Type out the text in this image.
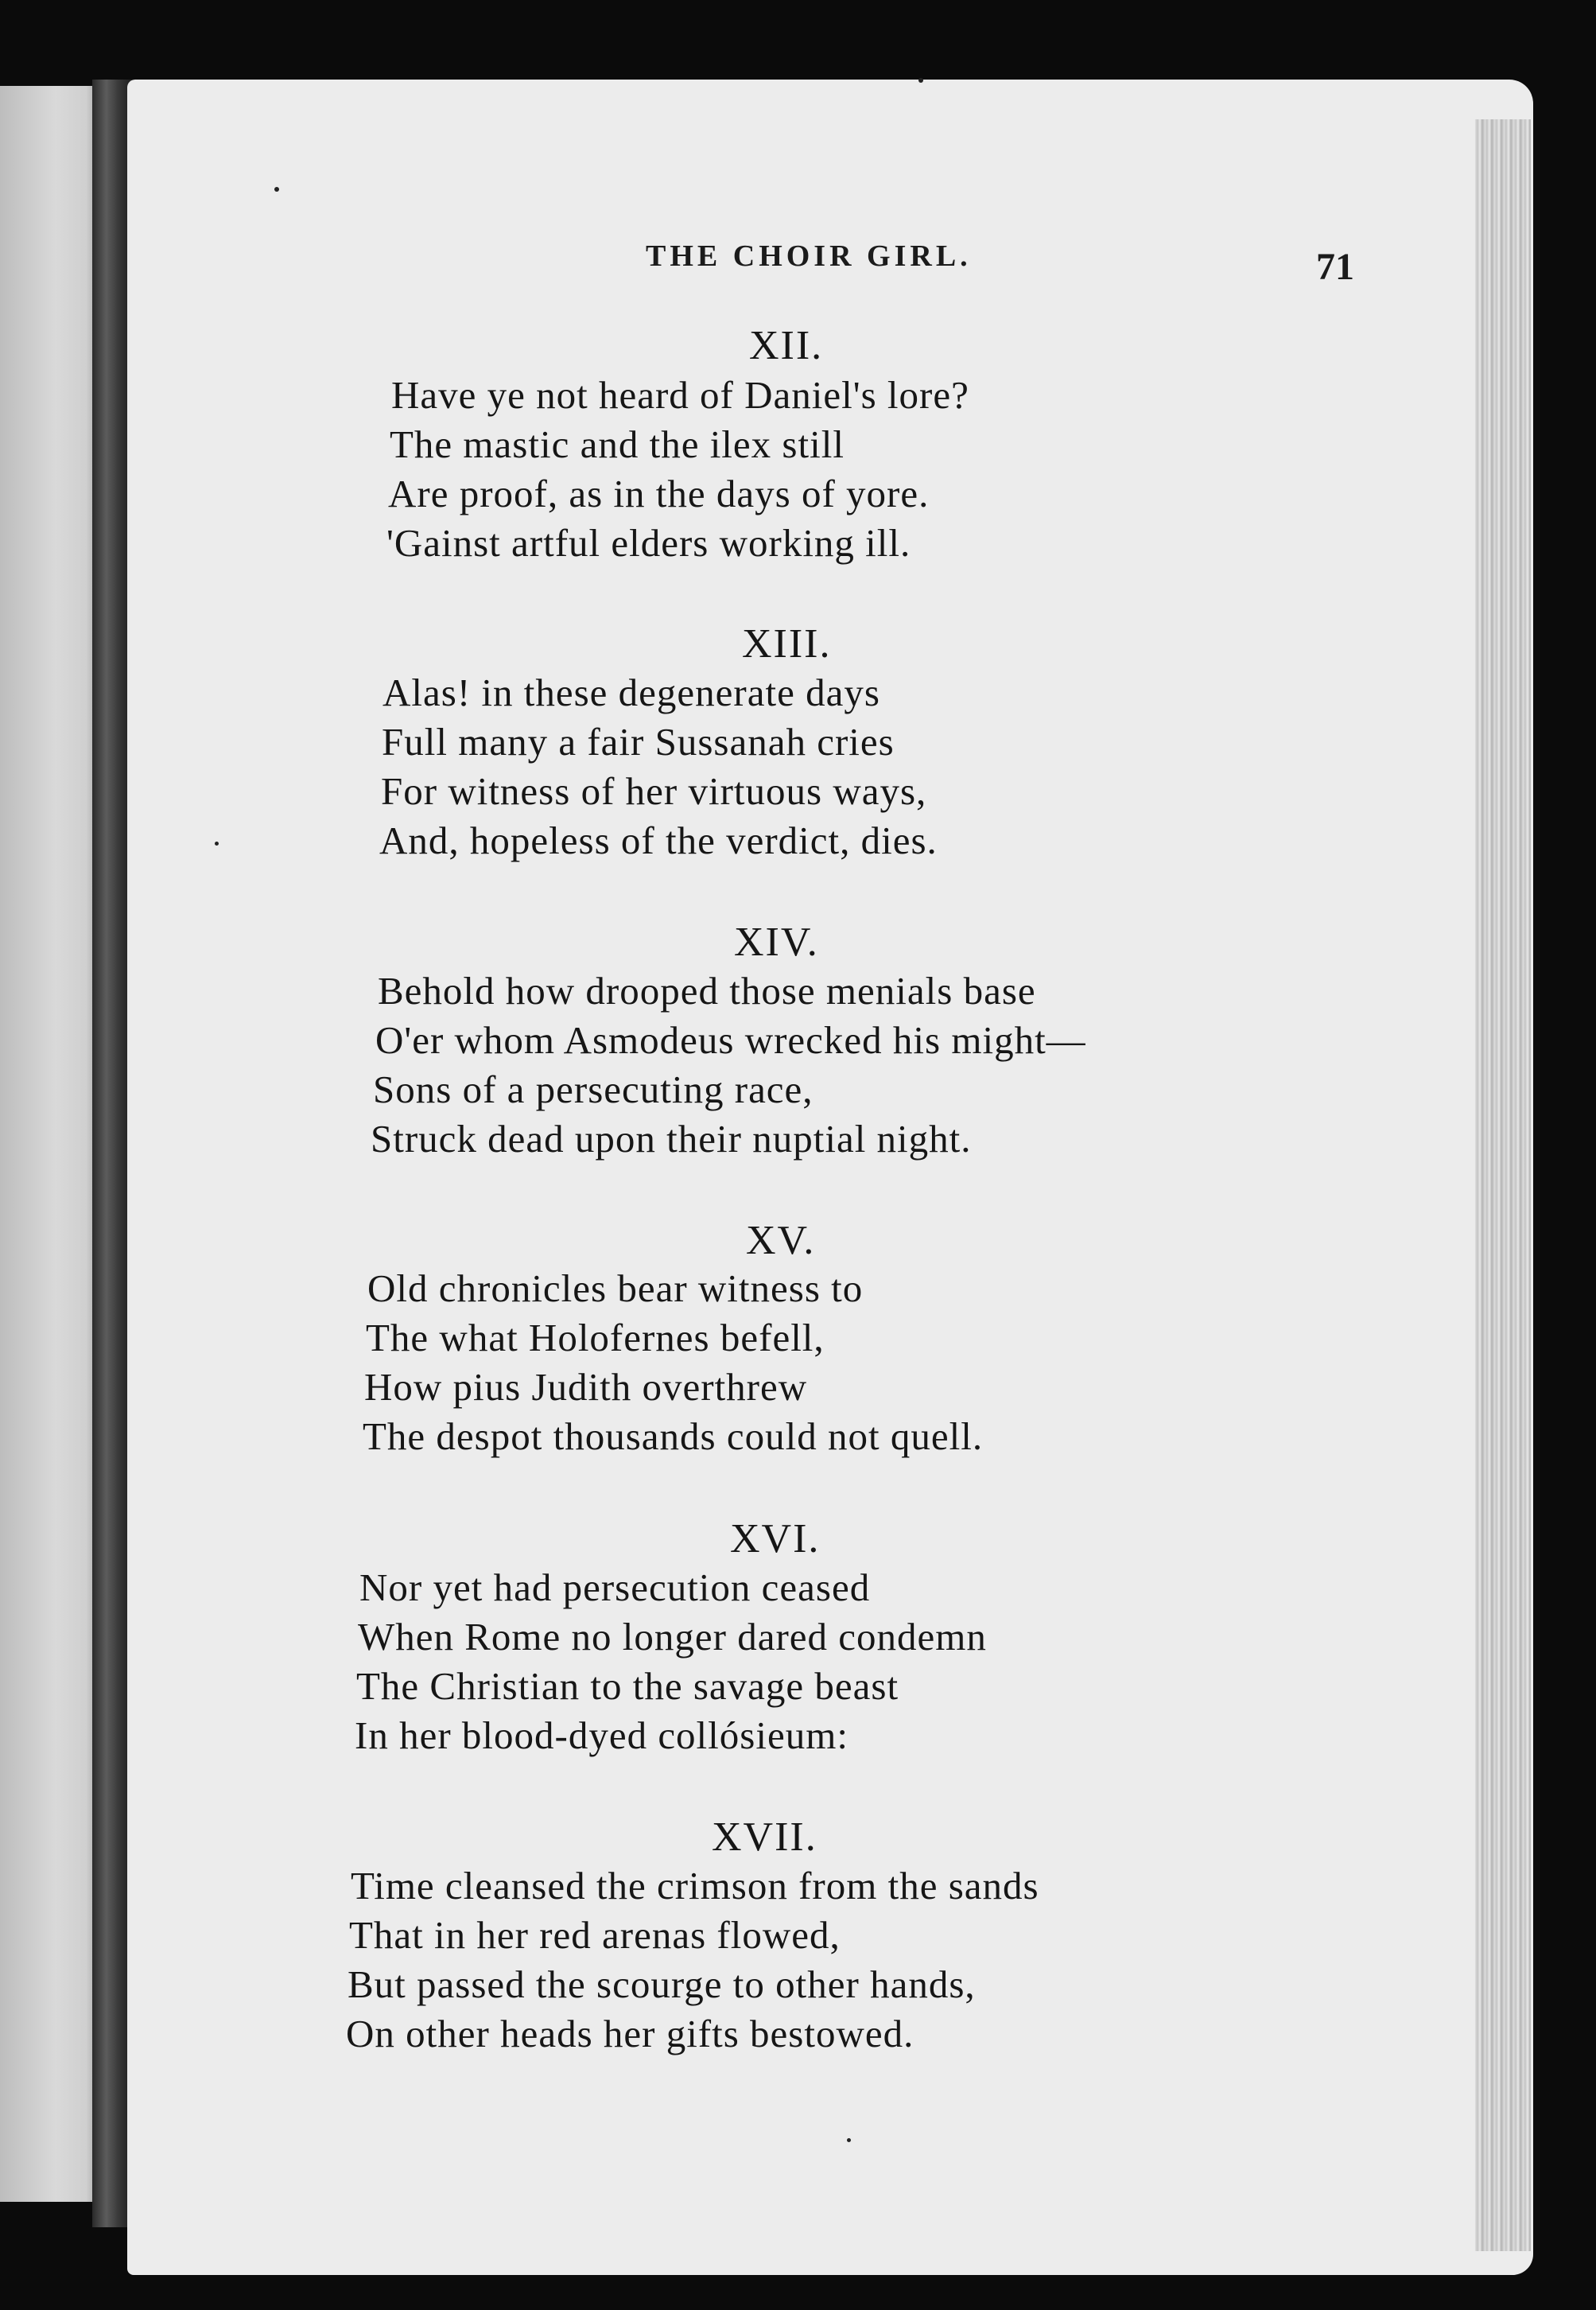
THE CHOIR GIRL.	71
XII.
Have ye not heard of Daniel's lore?
The mastic and the ilex still
Are proof, as in the days of yore.
'Gainst artful elders working ill.
XIII.
Alas! in these degenerate days
Full many a fair Sussanah cries
For witness of her virtuous ways,
And, hopeless of the verdict, dies.
XIV.
Behold how drooped those menials base
O'er whom Asmodeus wrecked his might—
Sons of a persecuting race,
Struck dead upon their nuptial night.
XV.
Old chronicles bear witness to
The what Holofernes befell,
How pius Judith overthrew
The despot thousands could not quell.
XVI.
Nor yet had persecution ceased
When Rome no longer dared condemn
The Christian to the savage beast
In her blood-dyed collósieum:
XVII.
Time cleansed the crimson from the sands
That in her red arenas flowed,
But passed the scourge to other hands,
On other heads her gifts bestowed.
